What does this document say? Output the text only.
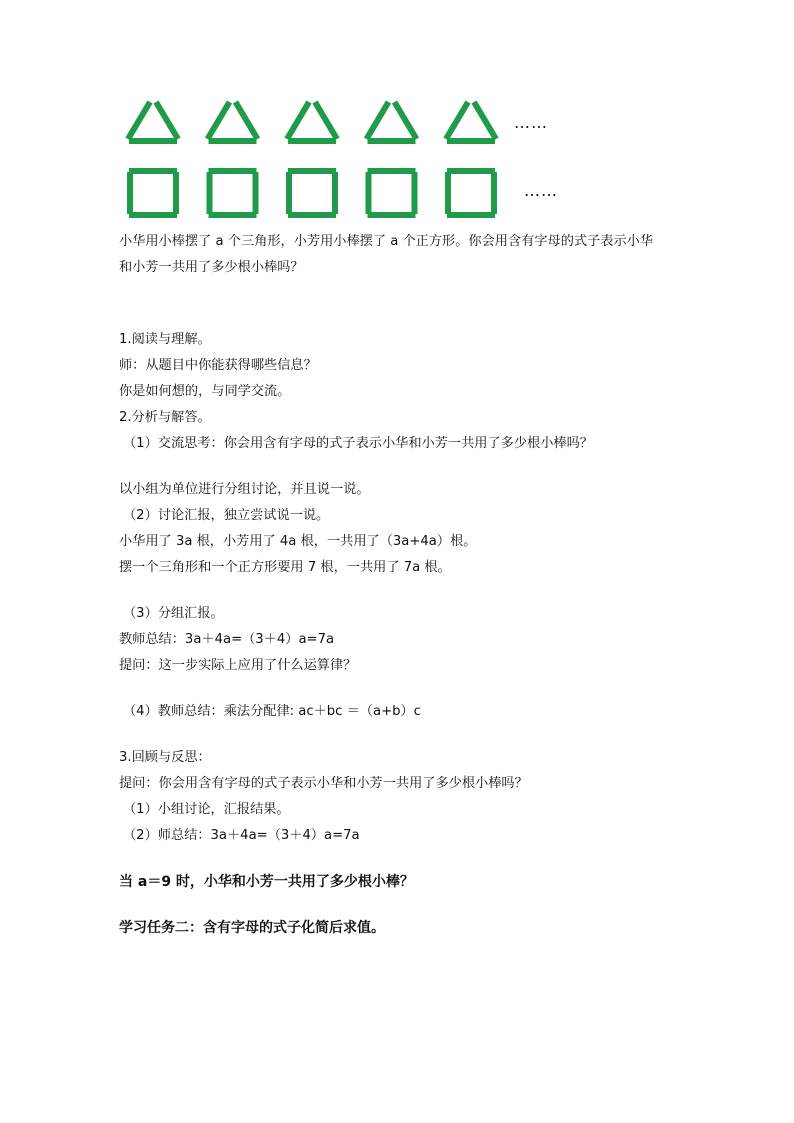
……
……

小华用小棒摆了 a 个三角形，小芳用小棒摆了 a 个正方形。你会用含有字母的式子表示小华

和小芳一共用了多少根小棒吗？

1.阅读与理解。

师：从题目中你能获得哪些信息？

你是如何想的，与同学交流。

2.分析与解答。

（1）交流思考：你会用含有字母的式子表示小华和小芳一共用了多少根小棒吗？

以小组为单位进行分组讨论，并且说一说。

（2）讨论汇报，独立尝试说一说。

小华用了 3a 根，小芳用了 4a 根，一共用了（3a+4a）根。

摆一个三角形和一个正方形要用 7 根，一共用了 7a 根。

（3）分组汇报。

教师总结：3a＋4a=（3＋4）a=7a

提问：这一步实际上应用了什么运算律？

（4）教师总结：乘法分配律: ac＋bc ＝（a+b）c

3.回顾与反思：

提问：你会用含有字母的式子表示小华和小芳一共用了多少根小棒吗？

（1）小组讨论，汇报结果。

（2）师总结：3a＋4a=（3＋4）a=7a

当 a＝9 时，小华和小芳一共用了多少根小棒？

学习任务二：含有字母的式子化简后求值。
